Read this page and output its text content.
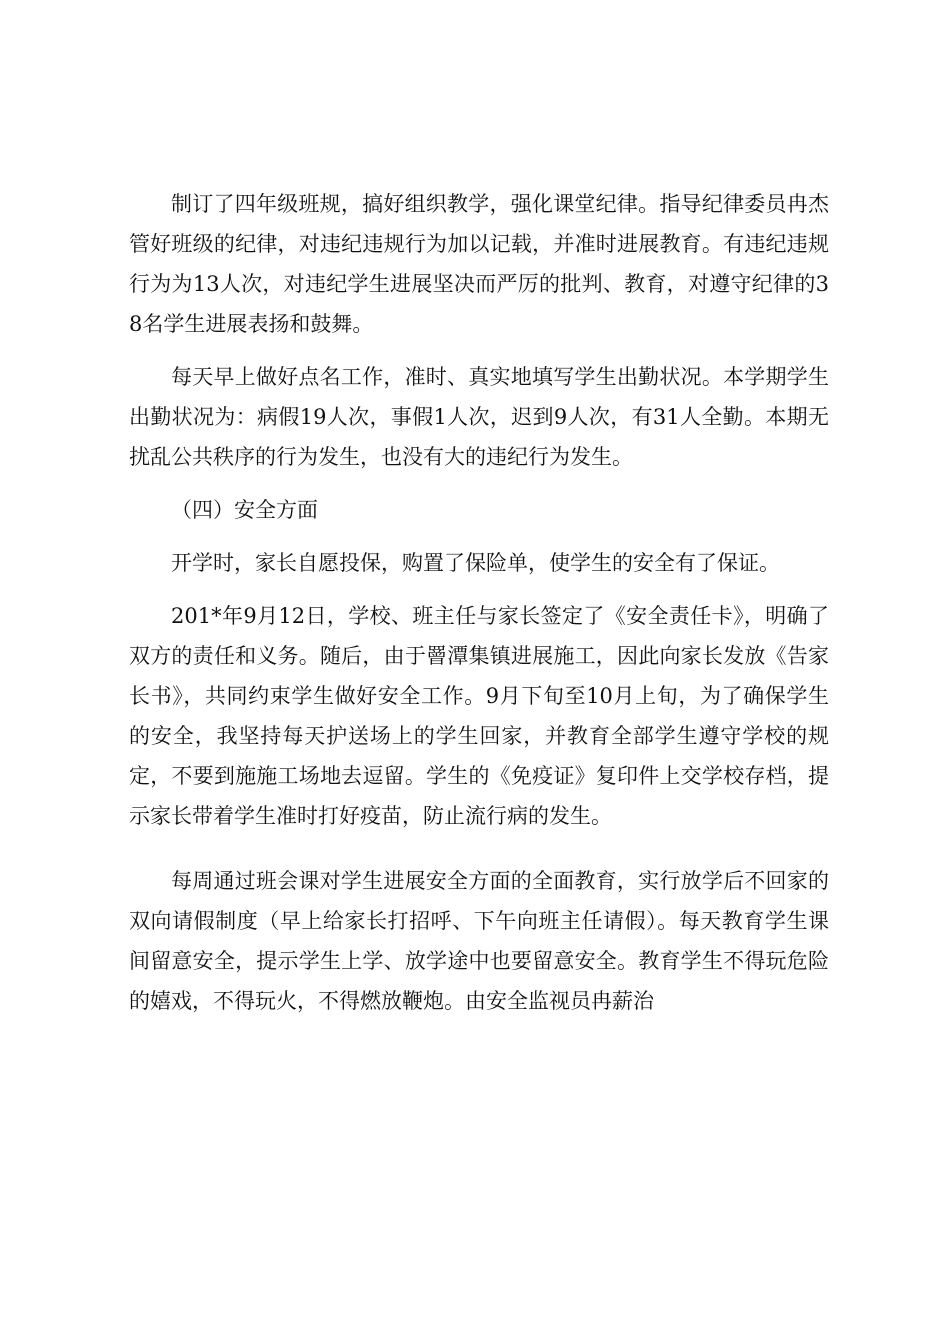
制订了四年级班规，搞好组织教学，强化课堂纪律。指导纪律委员冉杰管好班级的纪律，对违纪违规行为加以记载，并准时进展教育。有违纪违规行为为13人次，对违纪学生进展坚决而严厉的批判、教育，对遵守纪律的38名学生进展表扬和鼓舞。

每天早上做好点名工作，准时、真实地填写学生出勤状况。本学期学生出勤状况为：病假19人次，事假1人次，迟到9人次，有31人全勤。本期无扰乱公共秩序的行为发生，也没有大的违纪行为发生。

（四）安全方面

开学时，家长自愿投保，购置了保险单，使学生的安全有了保证。

201*年9月12日，学校、班主任与家长签定了《安全责任卡》，明确了双方的责任和义务。随后，由于罾潭集镇进展施工，因此向家长发放《告家长书》，共同约束学生做好安全工作。9月下旬至10月上旬，为了确保学生的安全，我坚持每天护送场上的学生回家，并教育全部学生遵守学校的规定，不要到施施工场地去逗留。学生的《免疫证》复印件上交学校存档，提示家长带着学生准时打好疫苗，防止流行病的发生。

每周通过班会课对学生进展安全方面的全面教育，实行放学后不回家的双向请假制度（早上给家长打招呼、下午向班主任请假）。每天教育学生课间留意安全，提示学生上学、放学途中也要留意安全。教育学生不得玩危险的嬉戏，不得玩火，不得燃放鞭炮。由安全监视员冉薪治
